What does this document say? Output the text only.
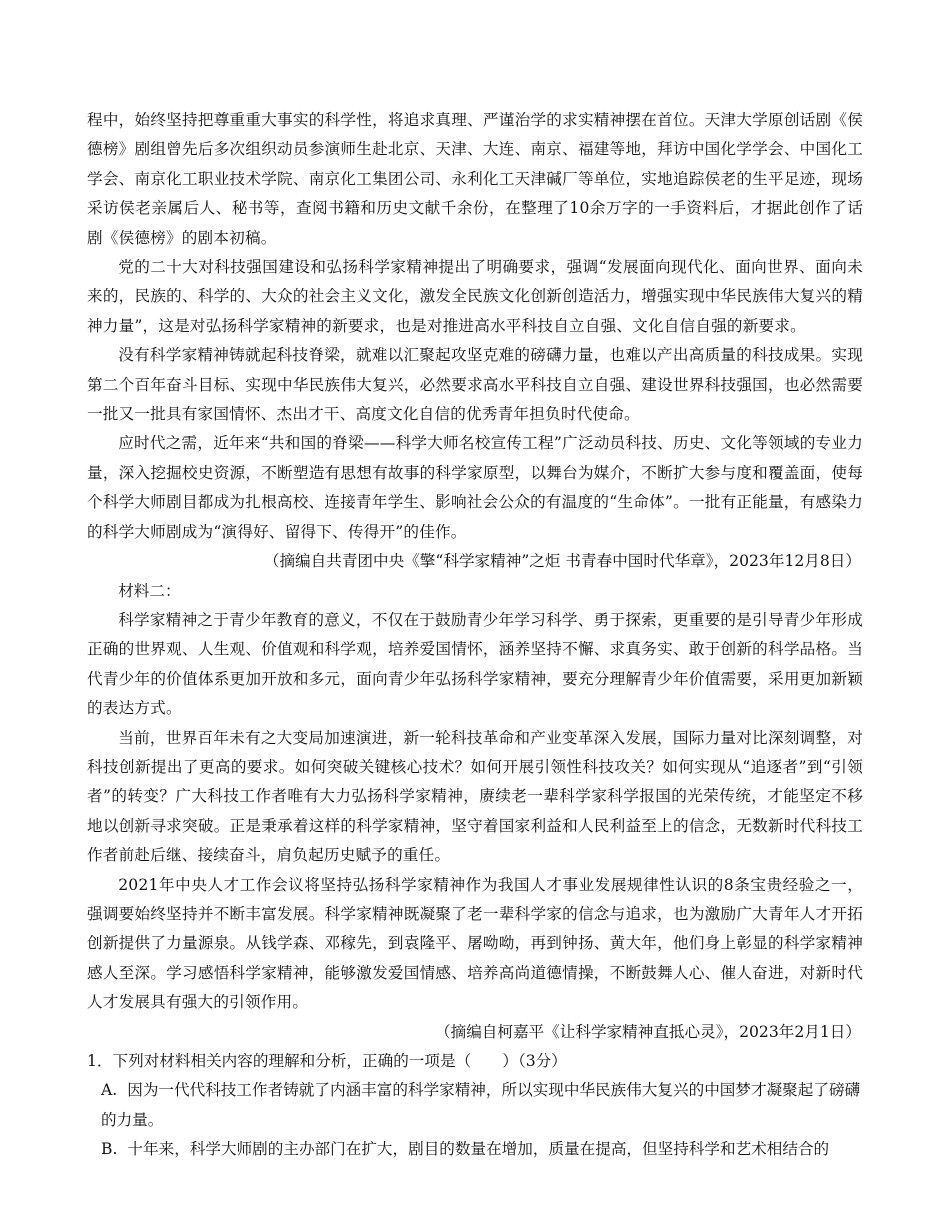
程中，始终坚持把尊重重大事实的科学性，将追求真理、严谨治学的求实精神摆在首位。天津大学原创话剧《侯德榜》剧组曾先后多次组织动员参演师生赴北京、天津、大连、南京、福建等地，拜访中国化学学会、中国化工学会、南京化工职业技术学院、南京化工集团公司、永利化工天津碱厂等单位，实地追踪侯老的生平足迹，现场采访侯老亲属后人、秘书等，查阅书籍和历史文献千余份，在整理了10余万字的一手资料后，才据此创作了话剧《侯德榜》的剧本初稿。

党的二十大对科技强国建设和弘扬科学家精神提出了明确要求，强调“发展面向现代化、面向世界、面向未来的，民族的、科学的、大众的社会主义文化，激发全民族文化创新创造活力，增强实现中华民族伟大复兴的精神力量”，这是对弘扬科学家精神的新要求，也是对推进高水平科技自立自强、文化自信自强的新要求。

没有科学家精神铸就起科技脊梁，就难以汇聚起攻坚克难的磅礴力量，也难以产出高质量的科技成果。实现第二个百年奋斗目标、实现中华民族伟大复兴，必然要求高水平科技自立自强、建设世界科技强国，也必然需要一批又一批具有家国情怀、杰出才干、高度文化自信的优秀青年担负时代使命。

应时代之需，近年来“共和国的脊梁——科学大师名校宣传工程”广泛动员科技、历史、文化等领域的专业力量，深入挖掘校史资源，不断塑造有思想有故事的科学家原型，以舞台为媒介，不断扩大参与度和覆盖面，使每个科学大师剧目都成为扎根高校、连接青年学生、影响社会公众的有温度的“生命体”。一批有正能量，有感染力的科学大师剧成为“演得好、留得下、传得开”的佳作。

（摘编自共青团中央《擎“科学家精神”之炬 书青春中国时代华章》，2023年12月8日）

材料二：

科学家精神之于青少年教育的意义，不仅在于鼓励青少年学习科学、勇于探索，更重要的是引导青少年形成正确的世界观、人生观、价值观和科学观，培养爱国情怀，涵养坚持不懈、求真务实、敢于创新的科学品格。当代青少年的价值体系更加开放和多元，面向青少年弘扬科学家精神，要充分理解青少年价值需要，采用更加新颖的表达方式。

当前，世界百年未有之大变局加速演进，新一轮科技革命和产业变革深入发展，国际力量对比深刻调整，对科技创新提出了更高的要求。如何突破关键核心技术？如何开展引领性科技攻关？如何实现从“追逐者”到“引领者”的转变？广大科技工作者唯有大力弘扬科学家精神，赓续老一辈科学家科学报国的光荣传统，才能坚定不移地以创新寻求突破。正是秉承着这样的科学家精神，坚守着国家利益和人民利益至上的信念，无数新时代科技工作者前赴后继、接续奋斗，肩负起历史赋予的重任。

2021年中央人才工作会议将坚持弘扬科学家精神作为我国人才事业发展规律性认识的8条宝贵经验之一，强调要始终坚持并不断丰富发展。科学家精神既凝聚了老一辈科学家的信念与追求，也为激励广大青年人才开拓创新提供了力量源泉。从钱学森、邓稼先，到袁隆平、屠呦呦，再到钟扬、黄大年，他们身上彰显的科学家精神感人至深。学习感悟科学家精神，能够激发爱国情感、培养高尚道德情操，不断鼓舞人心、催人奋进，对新时代人才发展具有强大的引领作用。

（摘编自柯嘉平《让科学家精神直抵心灵》，2023年2月1日）

1．下列对材料相关内容的理解和分析，正确的一项是（　　）（3分）

A. 因为一代代科技工作者铸就了内涵丰富的科学家精神，所以实现中华民族伟大复兴的中国梦才凝聚起了磅礴的力量。

B. 十年来，科学大师剧的主办部门在扩大，剧目的数量在增加，质量在提高，但坚持科学和艺术相结合的
